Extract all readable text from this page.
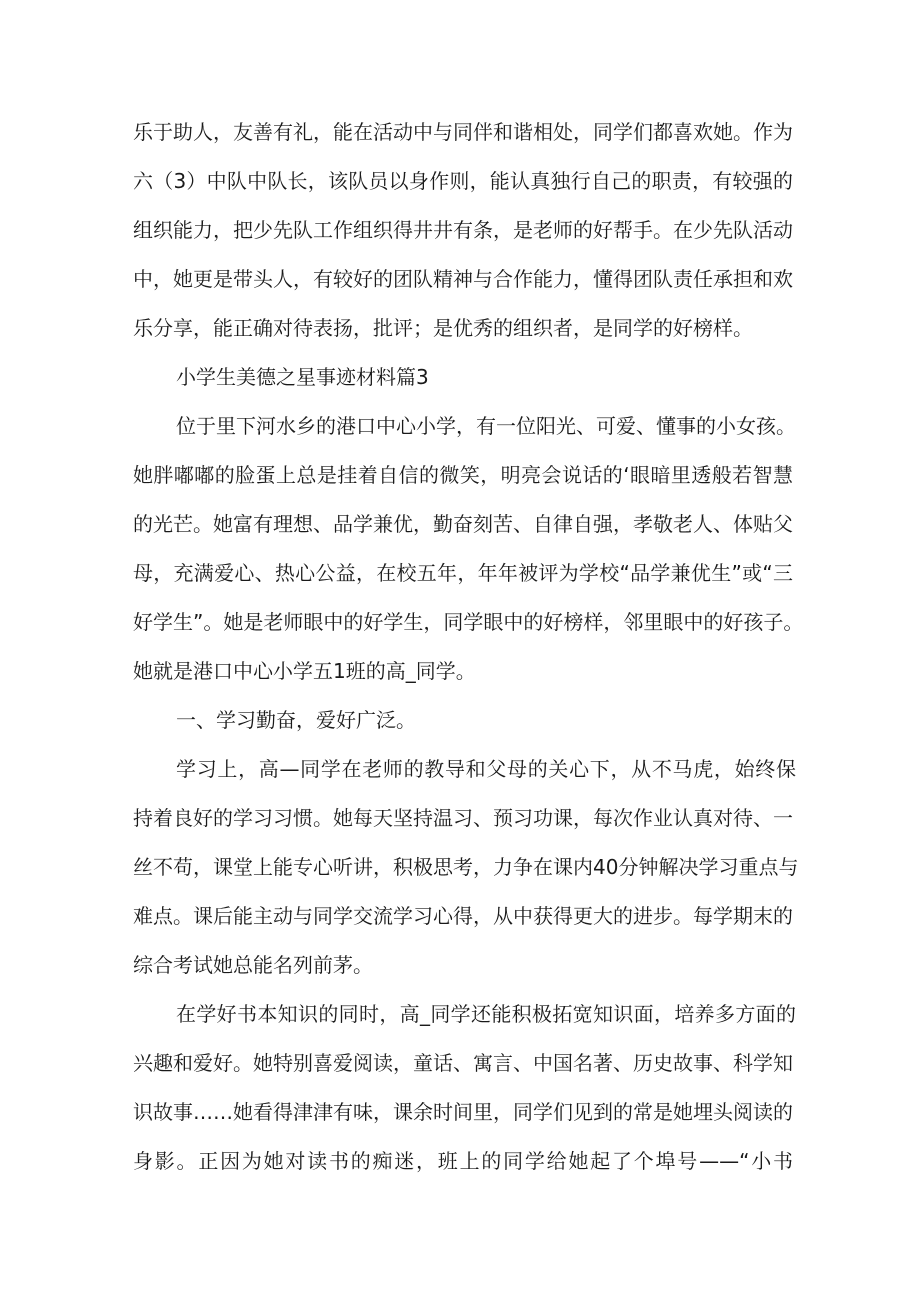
乐于助人，友善有礼，能在活动中与同伴和谐相处，同学们都喜欢她。作为
六（3）中队中队长，该队员以身作则，能认真独行自己的职责，有较强的
组织能力，把少先队工作组织得井井有条，是老师的好帮手。在少先队活动
中，她更是带头人，有较好的团队精神与合作能力，懂得团队责任承担和欢
乐分享，能正确对待表扬，批评；是优秀的组织者，是同学的好榜样。
小学生美德之星事迹材料篇3
位于里下河水乡的港口中心小学，有一位阳光、可爱、懂事的小女孩。
她胖嘟嘟的脸蛋上总是挂着自信的微笑，明亮会说话的‘眼暗里透般若智慧
的光芒。她富有理想、品学兼优，勤奋刻苦、自律自强，孝敬老人、体贴父
母，充满爱心、热心公益，在校五年，年年被评为学校“品学兼优生”或“三
好学生”。她是老师眼中的好学生，同学眼中的好榜样，邻里眼中的好孩子。
她就是港口中心小学五1班的高_同学。
一、学习勤奋，爱好广泛。
学习上，高—同学在老师的教导和父母的关心下，从不马虎，始终保
持着良好的学习习惯。她每天坚持温习、预习功课，每次作业认真对待、一
丝不苟，课堂上能专心听讲，积极思考，力争在课内40分钟解决学习重点与
难点。课后能主动与同学交流学习心得，从中获得更大的进步。每学期末的
综合考试她总能名列前茅。
在学好书本知识的同时，高_同学还能积极拓宽知识面，培养多方面的
兴趣和爱好。她特别喜爱阅读，童话、寓言、中国名著、历史故事、科学知
识故事……她看得津津有味，课余时间里，同学们见到的常是她埋头阅读的
身影。正因为她对读书的痴迷，班上的同学给她起了个埠号——“小书
